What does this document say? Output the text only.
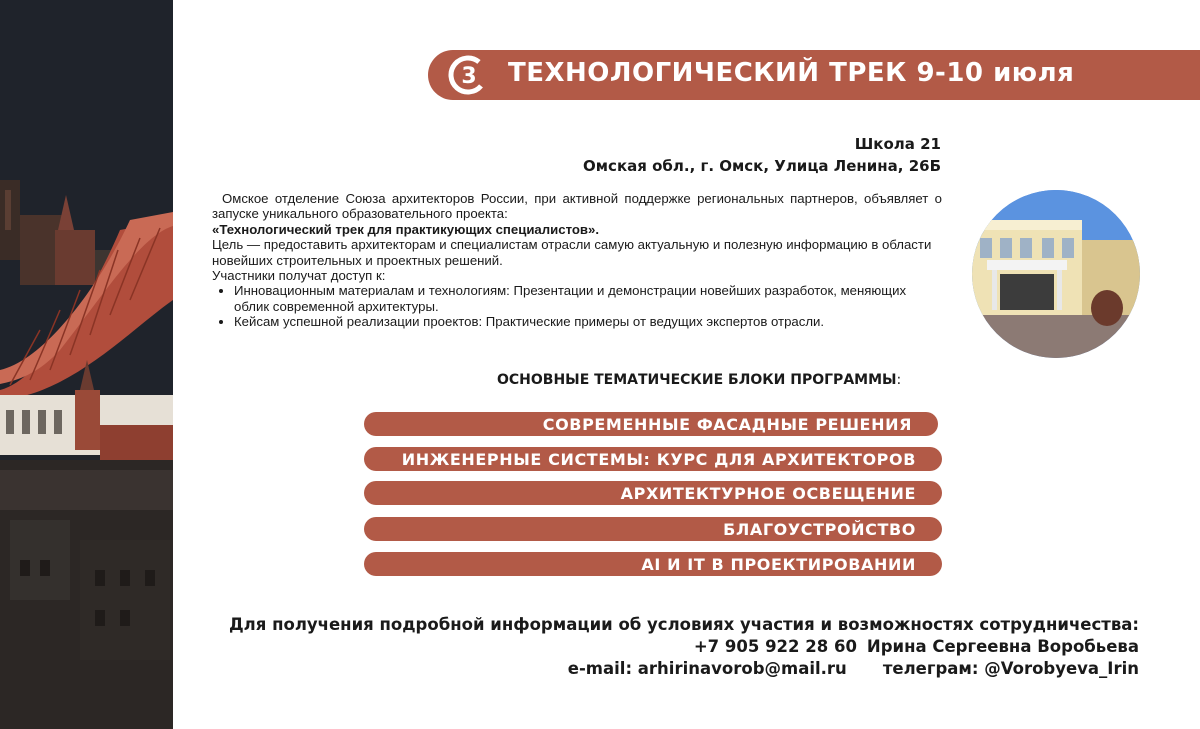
3 ТЕХНОЛОГИЧЕСКИЙ ТРЕК 9-10 июля
Школа 21
Омская обл., г. Омск, Улица Ленина, 26Б

Омское отделение Союза архитекторов России, при активной поддержке региональных партнеров, объявляет о запуске уникального образовательного проекта:

«Технологический трек для практикующих специалистов».

Цель — предоставить архитекторам и специалистам отрасли самую актуальную и полезную информацию в области новейших строительных и проектных решений.

Участники получат доступ к:

• Инновационным материалам и технологиям: Презентации и демонстрации новейших разработок, меняющих облик современной архитектуры.
• Кейсам успешной реализации проектов: Практические примеры от ведущих экспертов отрасли.
ОСНОВНЫЕ ТЕМАТИЧЕСКИЕ БЛОКИ ПРОГРАММЫ:
СОВРЕМЕННЫЕ ФАСАДНЫЕ РЕШЕНИЯ
ИНЖЕНЕРНЫЕ СИСТЕМЫ: КУРС ДЛЯ АРХИТЕКТОРОВ
АРХИТЕКТУРНОЕ ОСВЕЩЕНИЕ
БЛАГОУСТРОЙСТВО
AI И IT В ПРОЕКТИРОВАНИИ
Для получения подробной информации об условиях участия и возможностях сотрудничества:
+7 905 922 28 60 Ирина Сергеевна Воробьева
e-mail: arhirinavorob@mail.ru телеграм: @Vorobyeva_Irin
